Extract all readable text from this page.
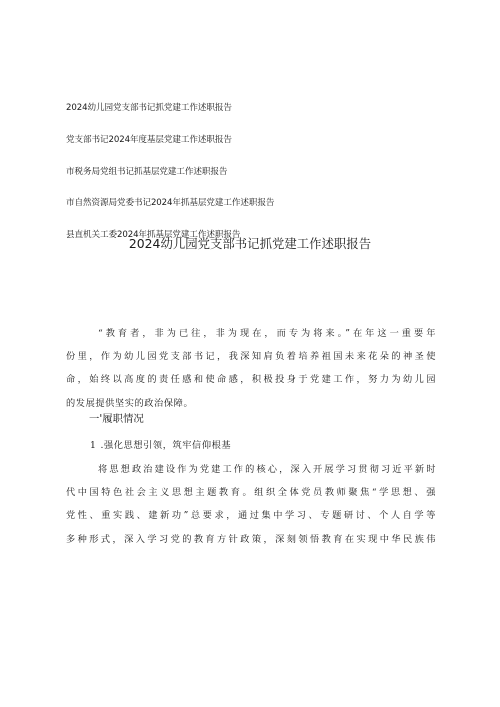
2024幼儿园党支部书记抓党建工作述职报告
党支部书记2024年度基层党建工作述职报告
市税务局党组书记抓基层党建工作述职报告
市自然资源局党委书记2024年抓基层党建工作述职报告
县直机关工委2024年抓基层党建工作述职报告
2024幼儿园党支部书记抓党建工作述职报告
“教育者，非为已往，非为现在，而专为将来。”在年这一重要年
份里，作为幼儿园党支部书记，我深知肩负着培养祖国未来花朵的神圣使
命，始终以高度的责任感和使命感，积极投身于党建工作，努力为幼儿园
的发展提供坚实的政治保障。
一'履职情况
1 .强化思想引领，筑牢信仰根基
将思想政治建设作为党建工作的核心，深入开展学习贯彻习近平新时
代中国特色社会主义思想主题教育。组织全体党员教师聚焦“学思想、强
党性、重实践、建新功”总要求，通过集中学习、专题研讨、个人自学等
多种形式，深入学习党的教育方针政策，深刻领悟教育在实现中华民族伟
